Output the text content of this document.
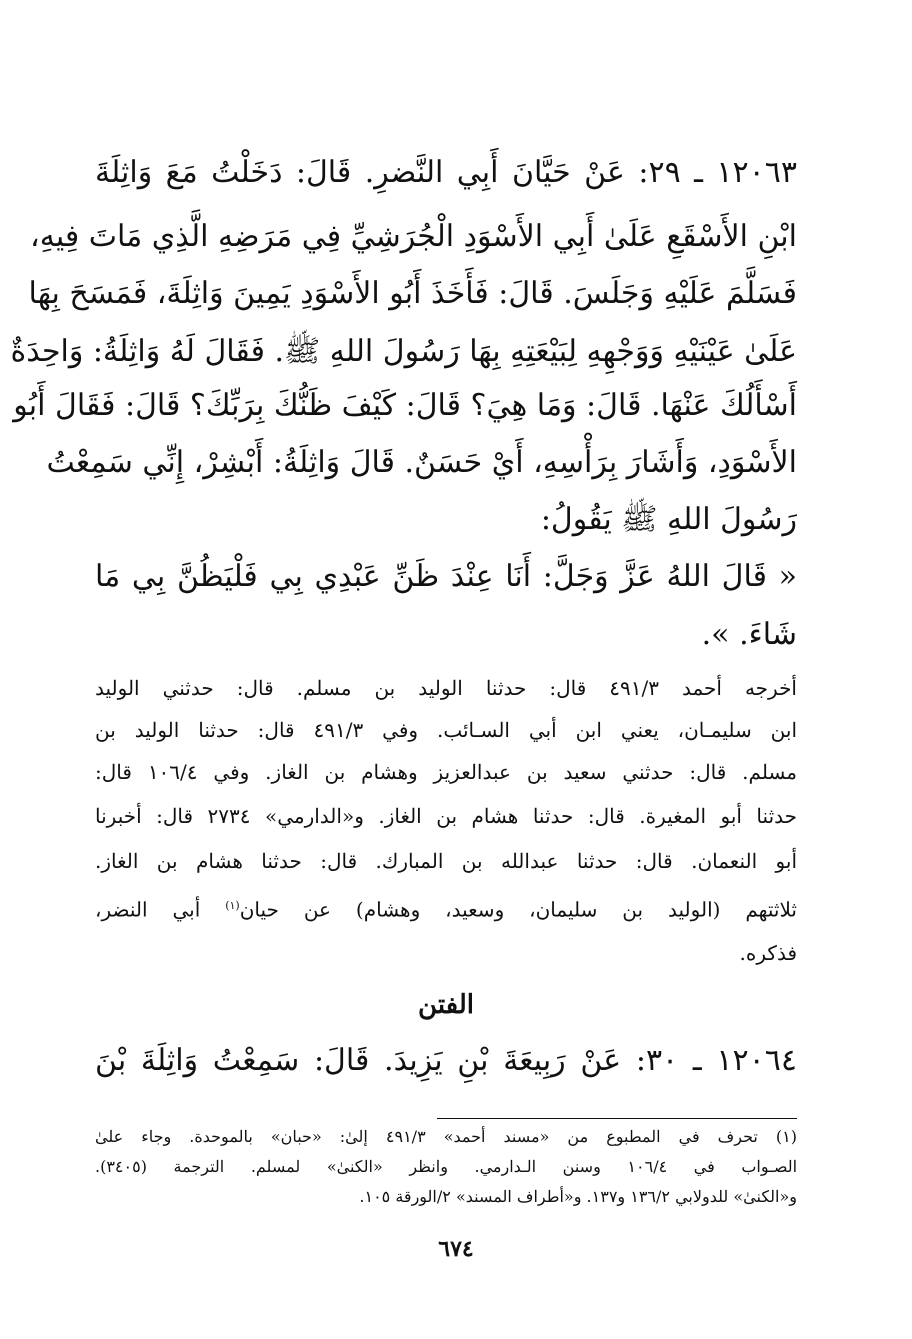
١٢٠٦٣ ـ ٢٩: عَنْ حَيَّانَ أَبِي النَّضرِ. قَالَ: دَخَلْتُ مَعَ وَاثِلَةَ
ابْنِ الأَسْقَعِ عَلَىٰ أَبِي الأَسْوَدِ الْجُرَشِيِّ فِي مَرَضِهِ الَّذِي مَاتَ فِيهِ،
فَسَلَّمَ عَلَيْهِ وَجَلَسَ. قَالَ: فَأَخَذَ أَبُو الأَسْوَدِ يَمِينَ وَاثِلَةَ، فَمَسَحَ بِهَا
عَلَىٰ عَيْنَيْهِ وَوَجْهِهِ لِبَيْعَتِهِ بِهَا رَسُولَ اللهِ ﷺ. فَقَالَ لَهُ وَاثِلَةُ: وَاحِدَةٌ
أَسْأَلُكَ عَنْهَا. قَالَ: وَمَا هِيَ؟ قَالَ: كَيْفَ ظَنُّكَ بِرَبِّكَ؟ قَالَ: فَقَالَ أَبُو
الأَسْوَدِ، وَأَشَارَ بِرَأْسِهِ، أَيْ حَسَنٌ. قَالَ وَاثِلَةُ: أَبْشِرْ، إِنِّي سَمِعْتُ
رَسُولَ اللهِ ﷺ يَقُولُ:
« قَالَ اللهُ عَزَّ وَجَلَّ: أَنَا عِنْدَ ظَنِّ عَبْدِي بِي فَلْيَظُنَّ بِي مَا
شَاءَ. ».
أخرجه أحمد ٤٩١/٣ قال: حدثنا الوليد بن مسلم. قال: حدثني الوليد
ابن سليمـان، يعني ابن أبي السـائب. وفي ٤٩١/٣ قال: حدثنا الوليد بن
مسلم. قال: حدثني سعيد بن عبدالعزيز وهشام بن الغاز. وفي ١٠٦/٤ قال:
حدثنا أبو المغيرة. قال: حدثنا هشام بن الغاز. و«الدارمي» ٢٧٣٤ قال: أخبرنا
أبو النعمان. قال: حدثنا عبدالله بن المبارك. قال: حدثنا هشام بن الغاز.
ثلاثتهم (الوليد بن سليمان، وسعيد، وهشام) عن حيان$^{(١)}$ أبي النضر،
فذكره.
الفتن
١٢٠٦٤ ـ ٣٠: عَنْ رَبِيعَةَ بْنِ يَزِيدَ. قَالَ: سَمِعْتُ وَاثِلَةَ بْنَ
(١) تحرف في المطبوع من «مسند أحمد» ٤٩١/٣ إلىٰ: «حبان» بالموحدة. وجاء علىٰ
الصـواب في ١٠٦/٤ وسنن الـدارمي. وانظر «الكنىٰ» لمسلم. الترجمة (٣٤٠٥).
و«الكنىٰ» للدولابي ١٣٦/٢ و١٣٧. و«أطراف المسند» ٢/الورقة ١٠٥.
٦٧٤
